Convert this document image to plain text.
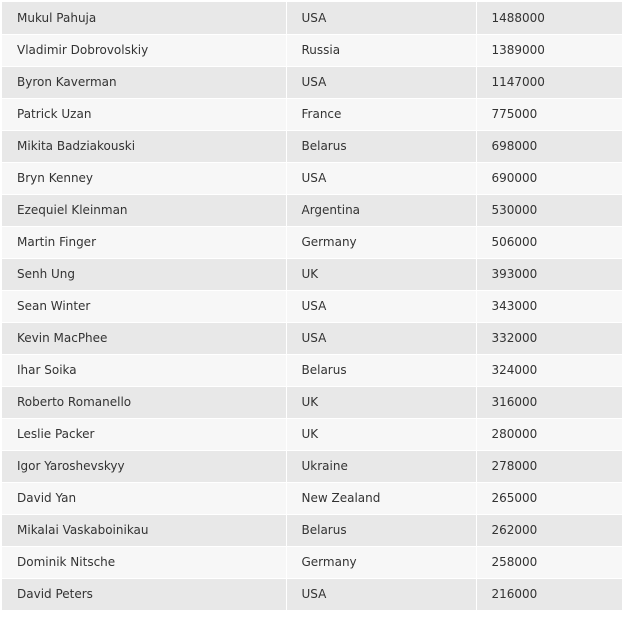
Mukul Pahuja	USA	1488000
Vladimir Dobrovolskiy	Russia	1389000
Byron Kaverman	USA	1147000
Patrick Uzan	France	775000
Mikita Badziakouski	Belarus	698000
Bryn Kenney	USA	690000
Ezequiel Kleinman	Argentina	530000
Martin Finger	Germany	506000
Senh Ung	UK	393000
Sean Winter	USA	343000
Kevin MacPhee	USA	332000
Ihar Soika	Belarus	324000
Roberto Romanello	UK	316000
Leslie Packer	UK	280000
Igor Yaroshevskyy	Ukraine	278000
David Yan	New Zealand	265000
Mikalai Vaskaboinikau	Belarus	262000
Dominik Nitsche	Germany	258000
David Peters	USA	216000
